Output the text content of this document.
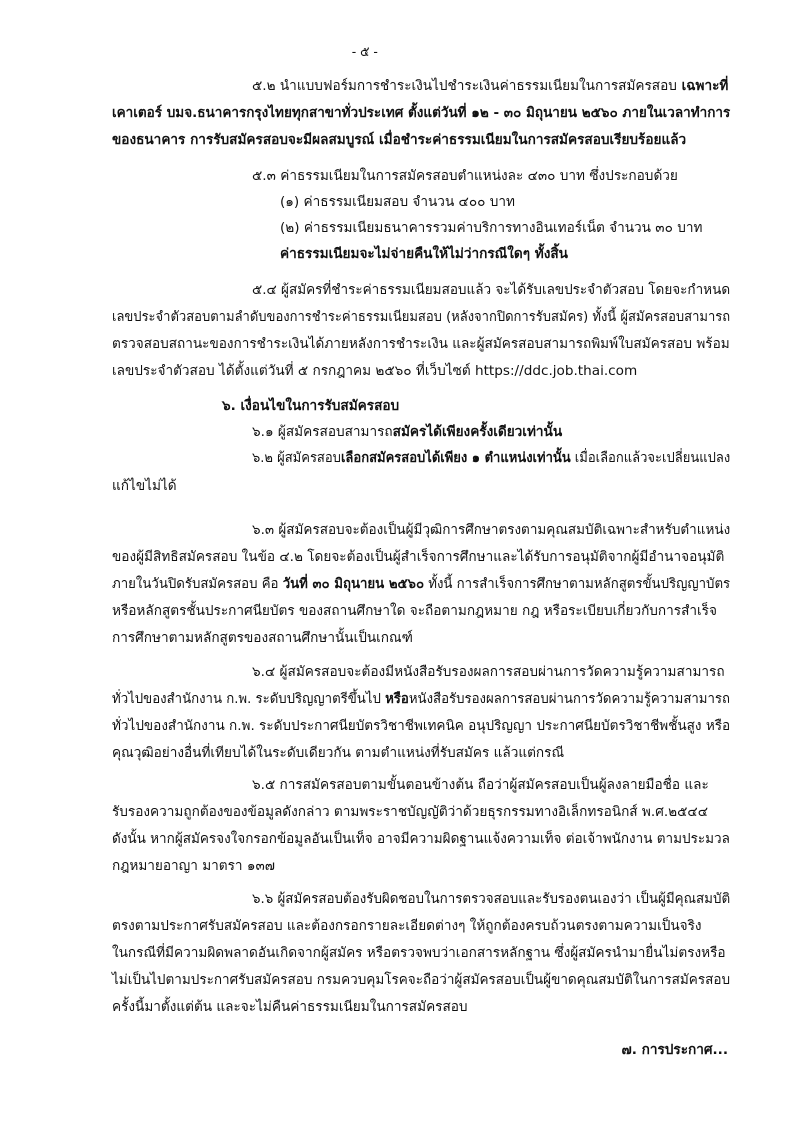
- ๕ -
๕.๒ นำแบบฟอร์มการชำระเงินไปชำระเงินค่าธรรมเนียมในการสมัครสอบ เฉพาะที่
เคาเตอร์ บมจ.ธนาคารกรุงไทยทุกสาขาทั่วประเทศ ตั้งแต่วันที่ ๑๒ - ๓๐ มิถุนายน ๒๕๖๐ ภายในเวลาทำการ
ของธนาคาร การรับสมัครสอบจะมีผลสมบูรณ์ เมื่อชำระค่าธรรมเนียมในการสมัครสอบเรียบร้อยแล้ว
๕.๓ ค่าธรรมเนียมในการสมัครสอบตำแหน่งละ ๔๓๐ บาท ซึ่งประกอบด้วย
(๑) ค่าธรรมเนียมสอบ จำนวน ๔๐๐ บาท
(๒) ค่าธรรมเนียมธนาคารรวมค่าบริการทางอินเทอร์เน็ต จำนวน ๓๐ บาท
ค่าธรรมเนียมจะไม่จ่ายคืนให้ไม่ว่ากรณีใดๆ ทั้งสิ้น
๕.๔ ผู้สมัครที่ชำระค่าธรรมเนียมสอบแล้ว จะได้รับเลขประจำตัวสอบ โดยจะกำหนด
เลขประจำตัวสอบตามลำดับของการชำระค่าธรรมเนียมสอบ (หลังจากปิดการรับสมัคร) ทั้งนี้ ผู้สมัครสอบสามารถ
ตรวจสอบสถานะของการชำระเงินได้ภายหลังการชำระเงิน และผู้สมัครสอบสามารถพิมพ์ใบสมัครสอบ พร้อม
เลขประจำตัวสอบ ได้ตั้งแต่วันที่ ๕ กรกฎาคม ๒๕๖๐ ที่เว็บไซต์ https://ddc.job.thai.com
๖. เงื่อนไขในการรับสมัครสอบ
๖.๑ ผู้สมัครสอบสามารถสมัครได้เพียงครั้งเดียวเท่านั้น
๖.๒ ผู้สมัครสอบเลือกสมัครสอบได้เพียง ๑ ตำแหน่งเท่านั้น เมื่อเลือกแล้วจะเปลี่ยนแปลง
แก้ไขไม่ได้
๖.๓ ผู้สมัครสอบจะต้องเป็นผู้มีวุฒิการศึกษาตรงตามคุณสมบัติเฉพาะสำหรับตำแหน่ง
ของผู้มีสิทธิสมัครสอบ ในข้อ ๔.๒ โดยจะต้องเป็นผู้สำเร็จการศึกษาและได้รับการอนุมัติจากผู้มีอำนาจอนุมัติ
ภายในวันปิดรับสมัครสอบ คือ วันที่ ๓๐ มิถุนายน ๒๕๖๐ ทั้งนี้ การสำเร็จการศึกษาตามหลักสูตรขั้นปริญญาบัตร
หรือหลักสูตรชั้นประกาศนียบัตร ของสถานศึกษาใด จะถือตามกฎหมาย กฎ หรือระเบียบเกี่ยวกับการสำเร็จ
การศึกษาตามหลักสูตรของสถานศึกษานั้นเป็นเกณฑ์
๖.๔ ผู้สมัครสอบจะต้องมีหนังสือรับรองผลการสอบผ่านการวัดความรู้ความสามารถ
ทั่วไปของสำนักงาน ก.พ. ระดับปริญญาตรีขึ้นไป หรือหนังสือรับรองผลการสอบผ่านการวัดความรู้ความสามารถ
ทั่วไปของสำนักงาน ก.พ. ระดับประกาศนียบัตรวิชาชีพเทคนิค อนุปริญญา ประกาศนียบัตรวิชาชีพชั้นสูง หรือ
คุณวุฒิอย่างอื่นที่เทียบได้ในระดับเดียวกัน ตามตำแหน่งที่รับสมัคร แล้วแต่กรณี
๖.๕ การสมัครสอบตามขั้นตอนข้างต้น ถือว่าผู้สมัครสอบเป็นผู้ลงลายมือชื่อ และ
รับรองความถูกต้องของข้อมูลดังกล่าว ตามพระราชบัญญัติว่าด้วยธุรกรรมทางอิเล็กทรอนิกส์ พ.ศ.๒๕๔๔
ดังนั้น หากผู้สมัครจงใจกรอกข้อมูลอันเป็นเท็จ อาจมีความผิดฐานแจ้งความเท็จ ต่อเจ้าพนักงาน ตามประมวล
กฎหมายอาญา มาตรา ๑๓๗
๖.๖ ผู้สมัครสอบต้องรับผิดชอบในการตรวจสอบและรับรองตนเองว่า เป็นผู้มีคุณสมบัติ
ตรงตามประกาศรับสมัครสอบ และต้องกรอกรายละเอียดต่างๆ ให้ถูกต้องครบถ้วนตรงตามความเป็นจริง
ในกรณีที่มีความผิดพลาดอันเกิดจากผู้สมัคร หรือตรวจพบว่าเอกสารหลักฐาน ซึ่งผู้สมัครนำมายื่นไม่ตรงหรือ
ไม่เป็นไปตามประกาศรับสมัครสอบ กรมควบคุมโรคจะถือว่าผู้สมัครสอบเป็นผู้ขาดคุณสมบัติในการสมัครสอบ
ครั้งนี้มาตั้งแต่ต้น และจะไม่คืนค่าธรรมเนียมในการสมัครสอบ
๗. การประกาศ...
